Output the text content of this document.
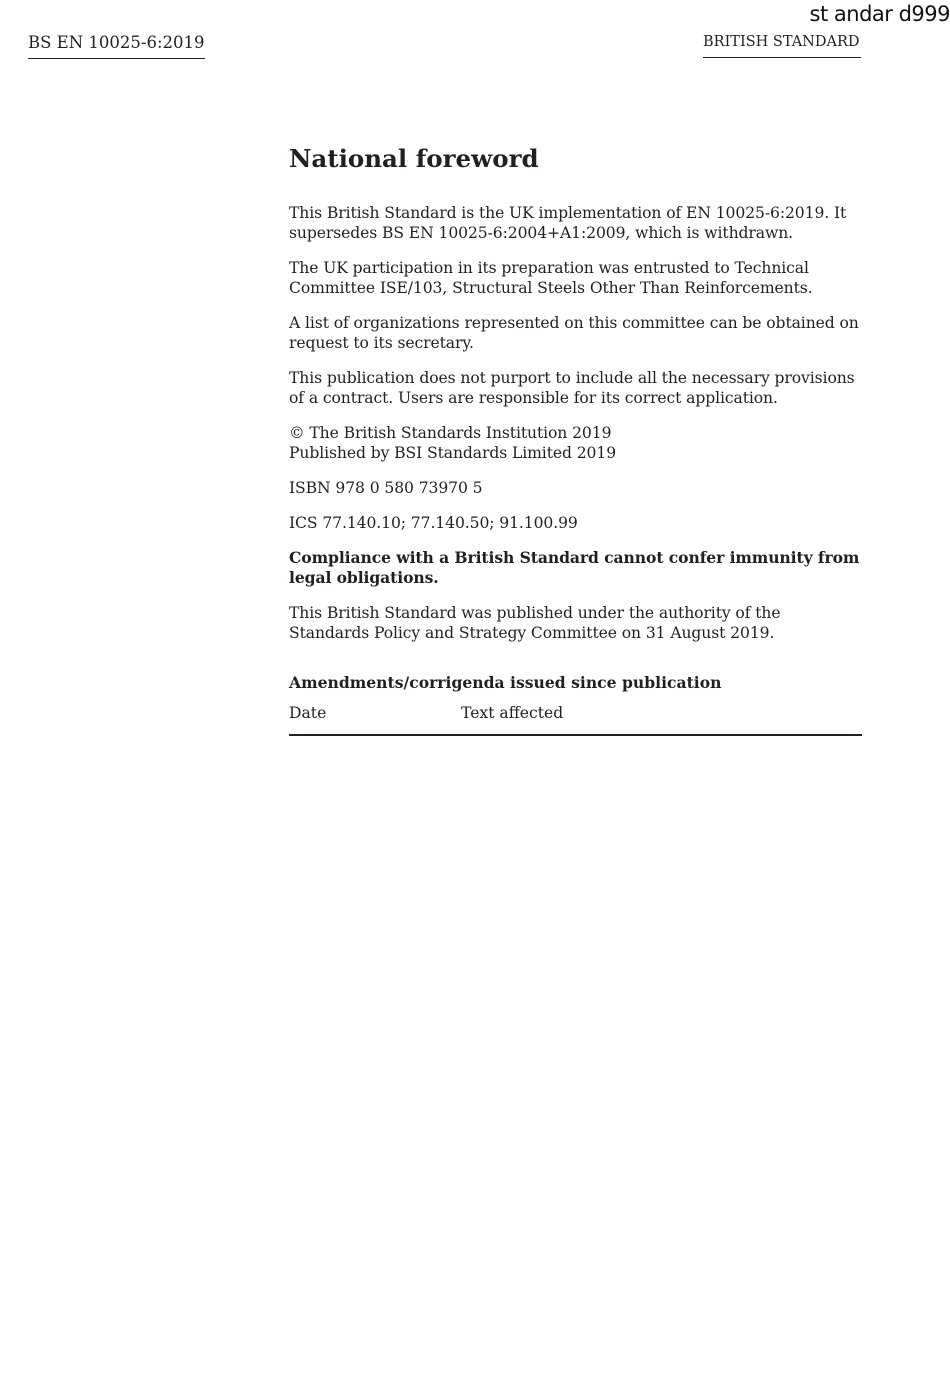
st andar d999
BS EN 10025-6:2019	BRITISH STANDARD
National foreword

This British Standard is the UK implementation of EN 10025-6:2019. It supersedes BS EN 10025-6:2004+A1:2009, which is withdrawn.

The UK participation in its preparation was entrusted to Technical Committee ISE/103, Structural Steels Other Than Reinforcements.

A list of organizations represented on this committee can be obtained on request to its secretary.

This publication does not purport to include all the necessary provisions of a contract. Users are responsible for its correct application.

© The British Standards Institution 2019
Published by BSI Standards Limited 2019

ISBN 978 0 580 73970 5

ICS 77.140.10; 77.140.50; 91.100.99

Compliance with a British Standard cannot confer immunity from legal obligations.

This British Standard was published under the authority of the Standards Policy and Strategy Committee on 31 August 2019.

Amendments/corrigenda issued since publication
Date	Text affected
